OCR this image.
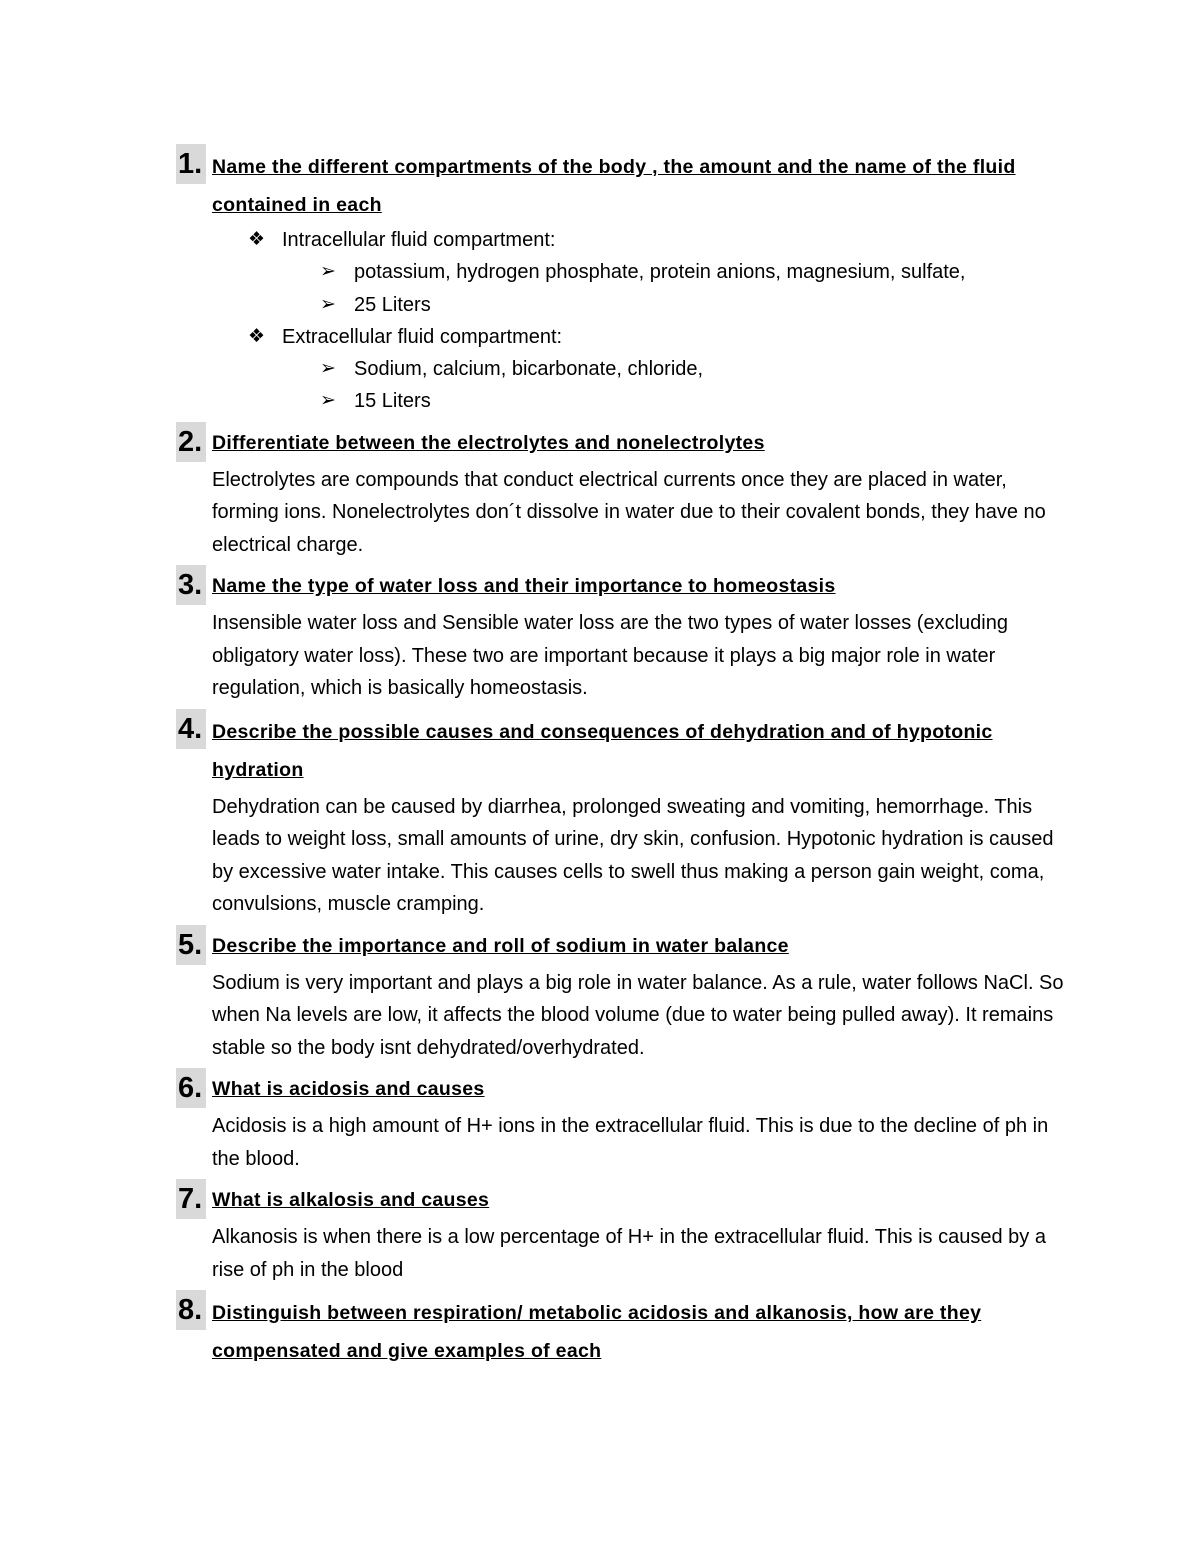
1. Name the different compartments of the body , the amount and the name of the fluid contained in each
❖ Intracellular fluid compartment:
➢ potassium, hydrogen phosphate, protein anions, magnesium, sulfate,
➢ 25 Liters
❖ Extracellular fluid compartment:
➢ Sodium, calcium, bicarbonate, chloride,
➢ 15 Liters
2. Differentiate between the electrolytes and nonelectrolytes
Electrolytes are compounds that conduct electrical currents once they are placed in water, forming ions. Nonelectrolytes don´t dissolve in water due to their covalent bonds, they have no electrical charge.
3. Name the type of water loss and their importance to homeostasis
Insensible water loss and Sensible water loss are the two types of water losses (excluding obligatory water loss). These two are important because it plays a big major role in water regulation, which is basically homeostasis.
4. Describe the possible causes and consequences of dehydration and of hypotonic hydration
Dehydration can be caused by diarrhea, prolonged sweating and vomiting, hemorrhage. This leads to weight loss, small amounts of urine, dry skin, confusion. Hypotonic hydration is caused by excessive water intake. This causes cells to swell thus making a person gain weight, coma, convulsions, muscle cramping.
5. Describe the importance and roll of sodium in water balance
Sodium is very important and plays a big role in water balance. As a rule, water follows NaCl. So when Na levels are low, it affects the blood volume (due to water being pulled away). It remains stable so the body isnt dehydrated/overhydrated.
6. What is acidosis and causes
Acidosis is a high amount of H+ ions in the extracellular fluid. This is due to the decline of ph in the blood.
7. What is alkalosis and causes
Alkanosis is when there is a low percentage of H+ in the extracellular fluid. This is caused by a rise of ph in the blood
8. Distinguish between respiration/ metabolic acidosis and alkanosis, how are they compensated and give examples of each
